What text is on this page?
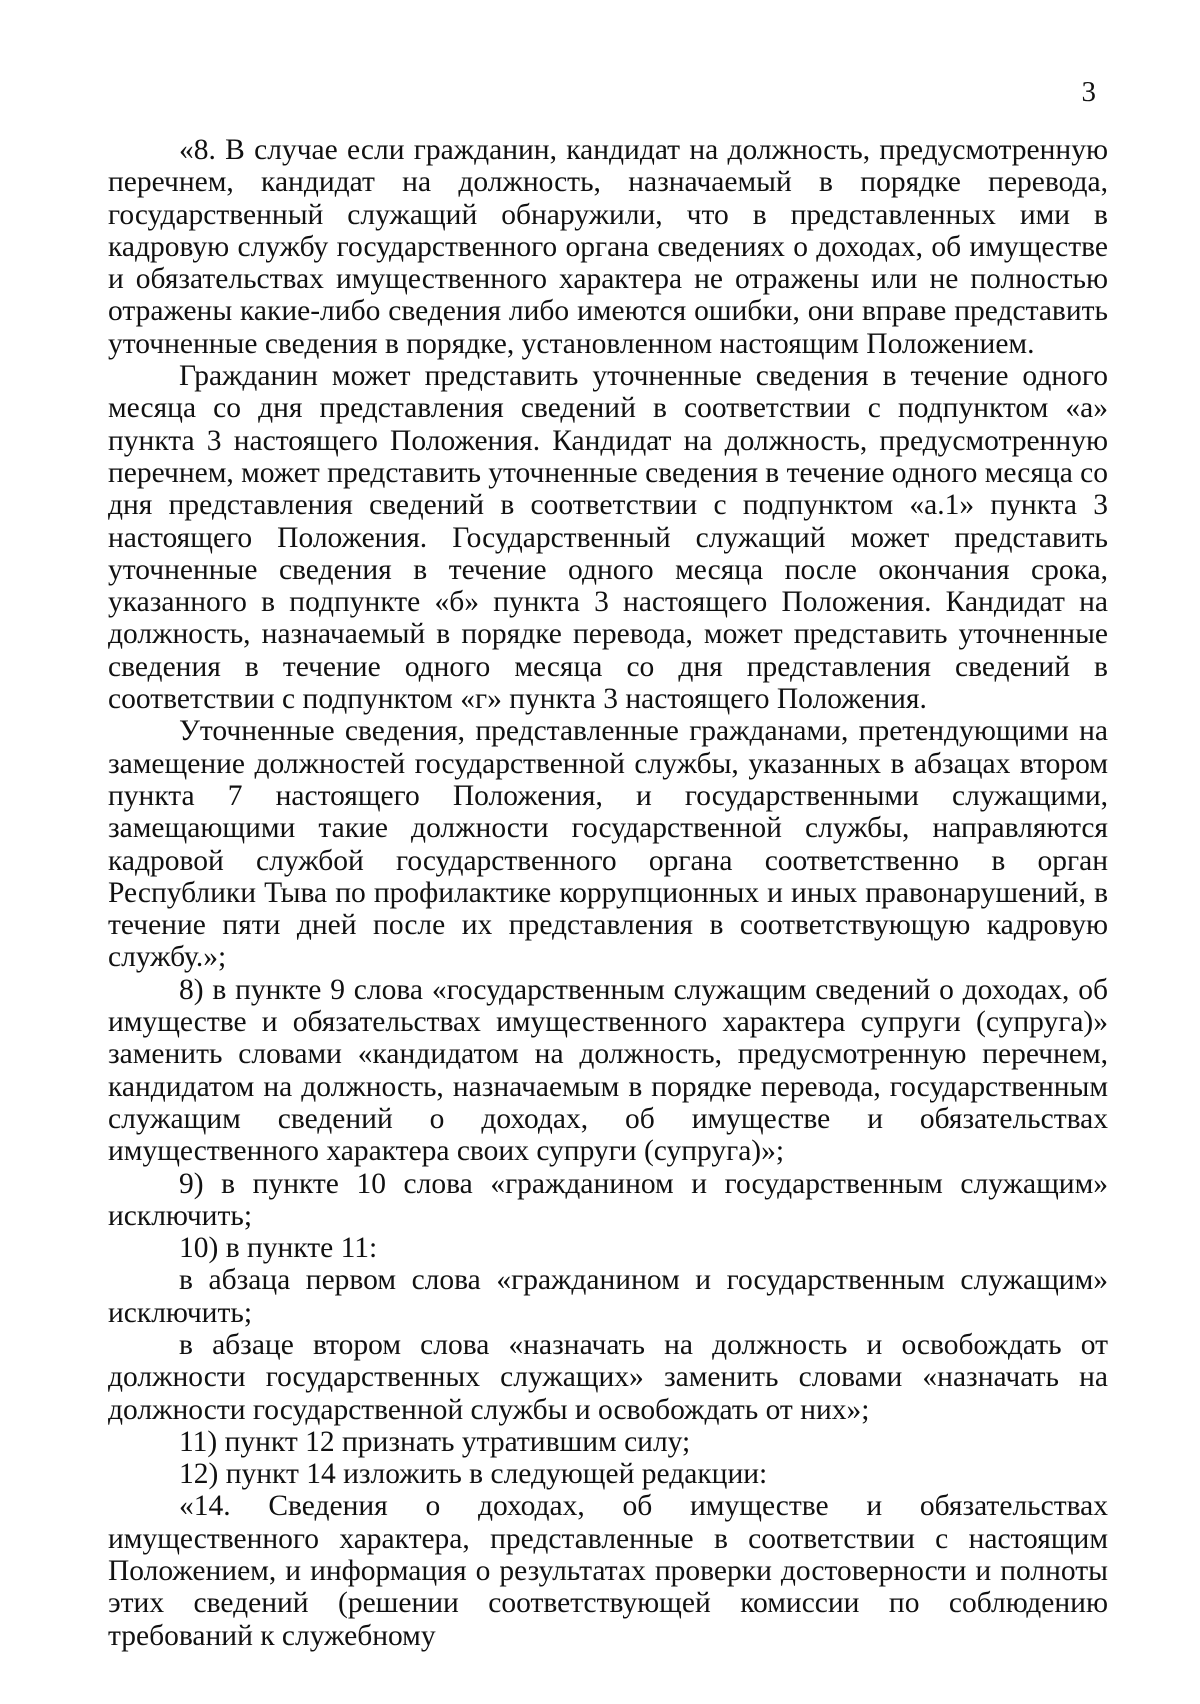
3

«8. В случае если гражданин, кандидат на должность, предусмотренную перечнем, кандидат на должность, назначаемый в порядке перевода, государственный служащий обнаружили, что в представленных ими в кадровую службу государственного органа сведениях о доходах, об имуществе и обязательствах имущественного характера не отражены или не полностью отражены какие-либо сведения либо имеются ошибки, они вправе представить уточненные сведения в порядке, установленном настоящим Положением.

Гражданин может представить уточненные сведения в течение одного месяца со дня представления сведений в соответствии с подпунктом «а» пункта 3 настоящего Положения. Кандидат на должность, предусмотренную перечнем, может представить уточненные сведения в течение одного месяца со дня представления сведений в соответствии с подпунктом «а.1» пункта 3 настоящего Положения. Государственный служащий может представить уточненные сведения в течение одного месяца после окончания срока, указанного в подпункте «б» пункта 3 настоящего Положения. Кандидат на должность, назначаемый в порядке перевода, может представить уточненные сведения в течение одного месяца со дня представления сведений в соответствии с подпунктом «г» пункта 3 настоящего Положения.

Уточненные сведения, представленные гражданами, претендующими на замещение должностей государственной службы, указанных в абзацах втором пункта 7 настоящего Положения, и государственными служащими, замещающими такие должности государственной службы, направляются кадровой службой государственного органа соответственно в орган Республики Тыва по профилактике коррупционных и иных правонарушений, в течение пяти дней после их представления в соответствующую кадровую службу.»;

8) в пункте 9 слова «государственным служащим сведений о доходах, об имуществе и обязательствах имущественного характера супруги (супруга)» заменить словами «кандидатом на должность, предусмотренную перечнем, кандидатом на должность, назначаемым в порядке перевода, государственным служащим сведений о доходах, об имуществе и обязательствах имущественного характера своих супруги (супруга)»;

9) в пункте 10 слова «гражданином и государственным служащим» исключить;

10) в пункте 11:

в абзаца первом слова «гражданином и государственным служащим» исключить;

в абзаце втором слова «назначать на должность и освобождать от должности государственных служащих» заменить словами «назначать на должности государственной службы и освобождать от них»;

11) пункт 12 признать утратившим силу;

12) пункт 14 изложить в следующей редакции:

«14. Сведения о доходах, об имуществе и обязательствах имущественного характера, представленные в соответствии с настоящим Положением, и информация о результатах проверки достоверности и полноты этих сведений (решении соответствующей комиссии по соблюдению требований к служебному
